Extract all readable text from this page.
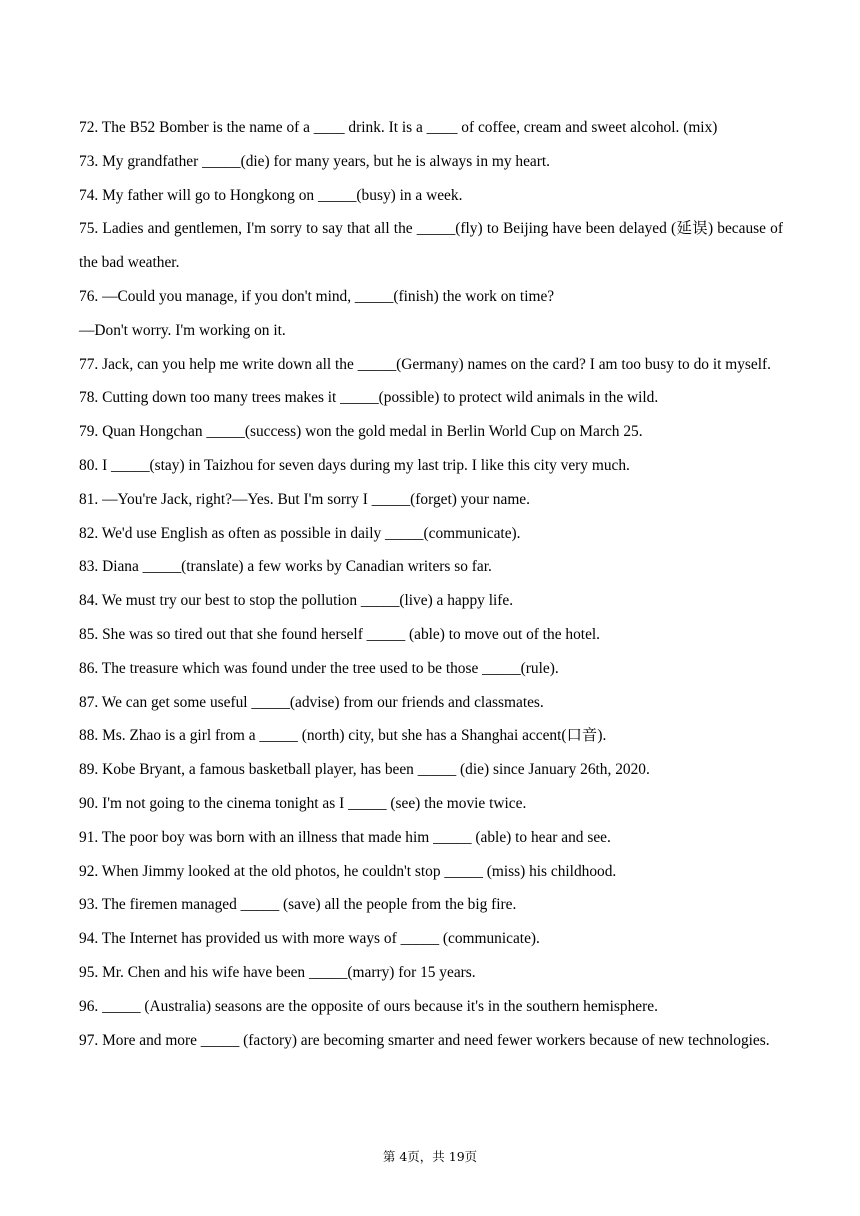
72. The B52 Bomber is the name of a ____ drink. It is a ____ of coffee, cream and sweet alcohol. (mix)

73. My grandfather _____(die) for many years, but he is always in my heart.

74. My father will go to Hongkong on _____(busy) in a week.

75. Ladies and gentlemen, I'm sorry to say that all the _____(fly) to Beijing have been delayed (延误) because of the bad weather.

76. —Could you manage, if you don't mind, _____(finish) the work on time?

—Don't worry. I'm working on it.

77. Jack, can you help me write down all the _____(Germany) names on the card? I am too busy to do it myself.

78. Cutting down too many trees makes it _____(possible) to protect wild animals in the wild.

79. Quan Hongchan _____(success) won the gold medal in Berlin World Cup on March 25.

80. I _____(stay) in Taizhou for seven days during my last trip. I like this city very much.

81. —You're Jack, right?—Yes. But I'm sorry I _____(forget) your name.

82. We'd use English as often as possible in daily _____(communicate).

83. Diana _____(translate) a few works by Canadian writers so far.

84. We must try our best to stop the pollution _____(live) a happy life.

85. She was so tired out that she found herself _____ (able) to move out of the hotel.

86. The treasure which was found under the tree used to be those _____(rule).

87. We can get some useful _____(advise) from our friends and classmates.

88. Ms. Zhao is a girl from a _____ (north) city, but she has a Shanghai accent(口音).

89. Kobe Bryant, a famous basketball player, has been _____ (die) since January 26th, 2020.

90. I'm not going to the cinema tonight as I _____ (see) the movie twice.

91. The poor boy was born with an illness that made him _____ (able) to hear and see.

92. When Jimmy looked at the old photos, he couldn't stop _____ (miss) his childhood.

93. The firemen managed _____ (save) all the people from the big fire.

94. The Internet has provided us with more ways of _____ (communicate).

95. Mr. Chen and his wife have been _____(marry) for 15 years.

96. _____ (Australia) seasons are the opposite of ours because it's in the southern hemisphere.

97. More and more _____ (factory) are becoming smarter and need fewer workers because of new technologies.

第 4页，共 19页
